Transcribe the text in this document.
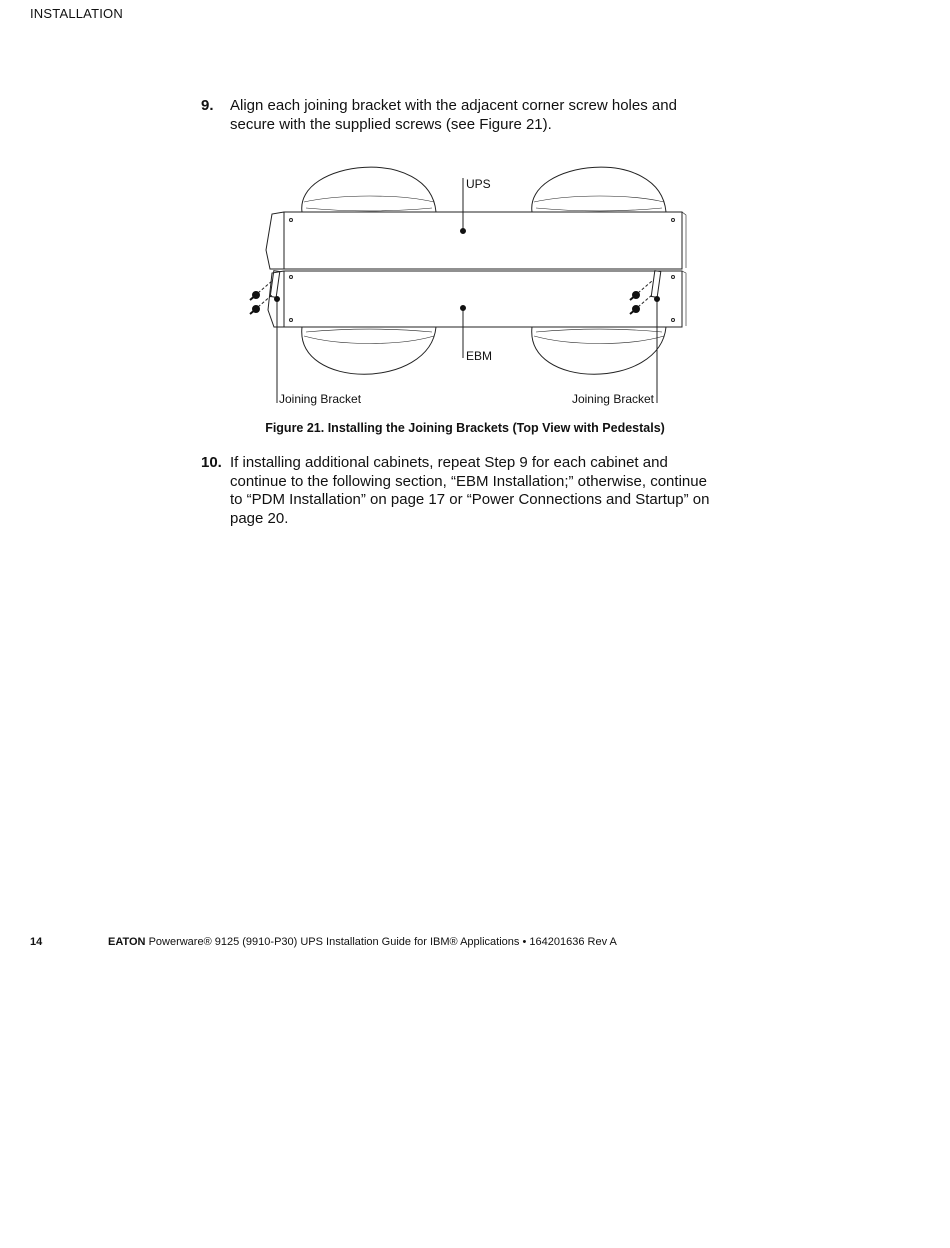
INSTALLATION
9. Align each joining bracket with the adjacent corner screw holes and secure with the supplied screws (see Figure 21).
UPS
EBM
Joining Bracket	Joining Bracket
Figure 21. Installing the Joining Brackets (Top View with Pedestals)
10. If installing additional cabinets, repeat Step 9 for each cabinet and continue to the following section, “EBM Installation;” otherwise, continue to “PDM Installation” on page 17 or “Power Connections and Startup” on page 20.
14	EATON Powerware® 9125 (9910-P30) UPS Installation Guide for IBM® Applications • 164201636 Rev A
